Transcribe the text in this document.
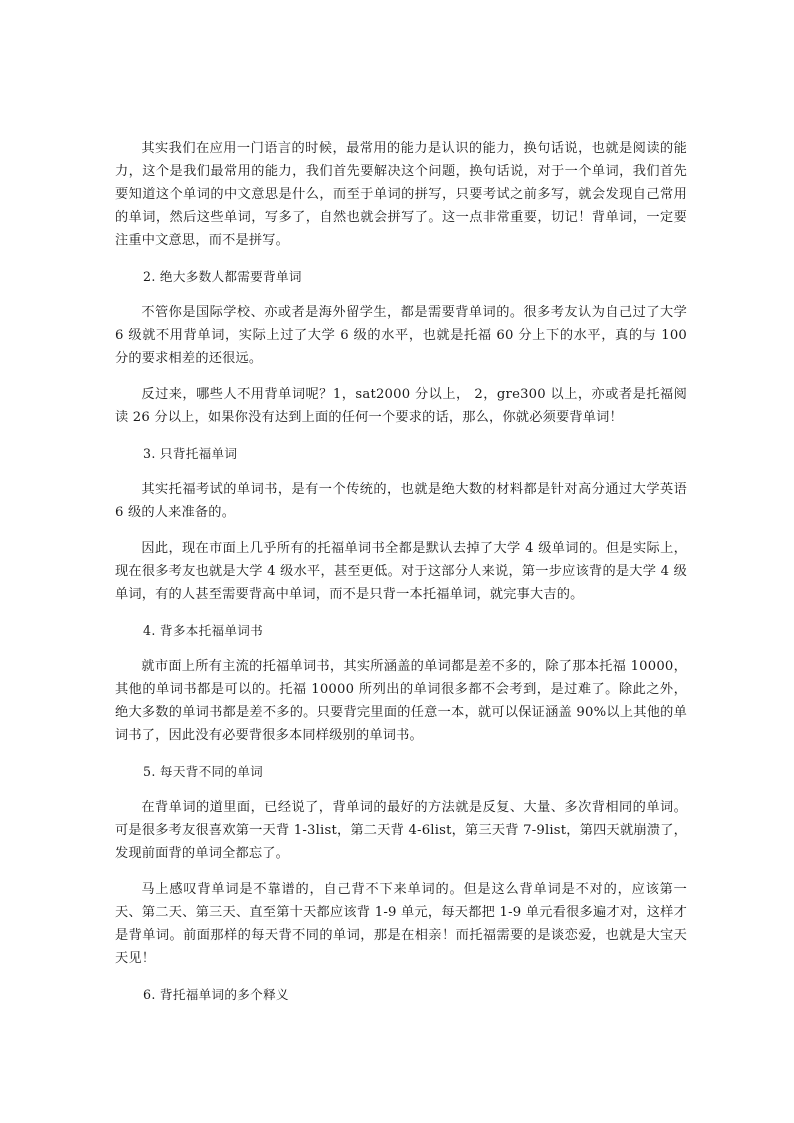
其实我们在应用一门语言的时候，最常用的能力是认识的能力，换句话说，也就是阅读的能力，这个是我们最常用的能力，我们首先要解决这个问题，换句话说，对于一个单词，我们首先要知道这个单词的中文意思是什么，而至于单词的拼写，只要考试之前多写，就会发现自己常用的单词，然后这些单词，写多了，自然也就会拼写了。这一点非常重要，切记！背单词，一定要注重中文意思，而不是拼写。

2. 绝大多数人都需要背单词

不管你是国际学校、亦或者是海外留学生，都是需要背单词的。很多考友认为自己过了大学 6 级就不用背单词，实际上过了大学 6 级的水平，也就是托福 60 分上下的水平，真的与 100 分的要求相差的还很远。

反过来，哪些人不用背单词呢？1，sat2000 分以上， 2，gre300 以上，亦或者是托福阅读 26 分以上，如果你没有达到上面的任何一个要求的话，那么，你就必须要背单词！

3. 只背托福单词

其实托福考试的单词书，是有一个传统的，也就是绝大数的材料都是针对高分通过大学英语 6 级的人来准备的。

因此，现在市面上几乎所有的托福单词书全都是默认去掉了大学 4 级单词的。但是实际上，现在很多考友也就是大学 4 级水平，甚至更低。对于这部分人来说，第一步应该背的是大学 4 级单词，有的人甚至需要背高中单词，而不是只背一本托福单词，就完事大吉的。

4. 背多本托福单词书

就市面上所有主流的托福单词书，其实所涵盖的单词都是差不多的，除了那本托福 10000，其他的单词书都是可以的。托福 10000 所列出的单词很多都不会考到，是过难了。除此之外，绝大多数的单词书都是差不多的。只要背完里面的任意一本，就可以保证涵盖 90%以上其他的单词书了，因此没有必要背很多本同样级别的单词书。

5. 每天背不同的单词

在背单词的道里面，已经说了，背单词的最好的方法就是反复、大量、多次背相同的单词。可是很多考友很喜欢第一天背 1-3list，第二天背 4-6list，第三天背 7-9list，第四天就崩溃了，发现前面背的单词全都忘了。

马上感叹背单词是不靠谱的，自己背不下来单词的。但是这么背单词是不对的，应该第一天、第二天、第三天、直至第十天都应该背 1-9 单元，每天都把 1-9 单元看很多遍才对，这样才是背单词。前面那样的每天背不同的单词，那是在相亲！而托福需要的是谈恋爱，也就是大宝天天见！

6. 背托福单词的多个释义
